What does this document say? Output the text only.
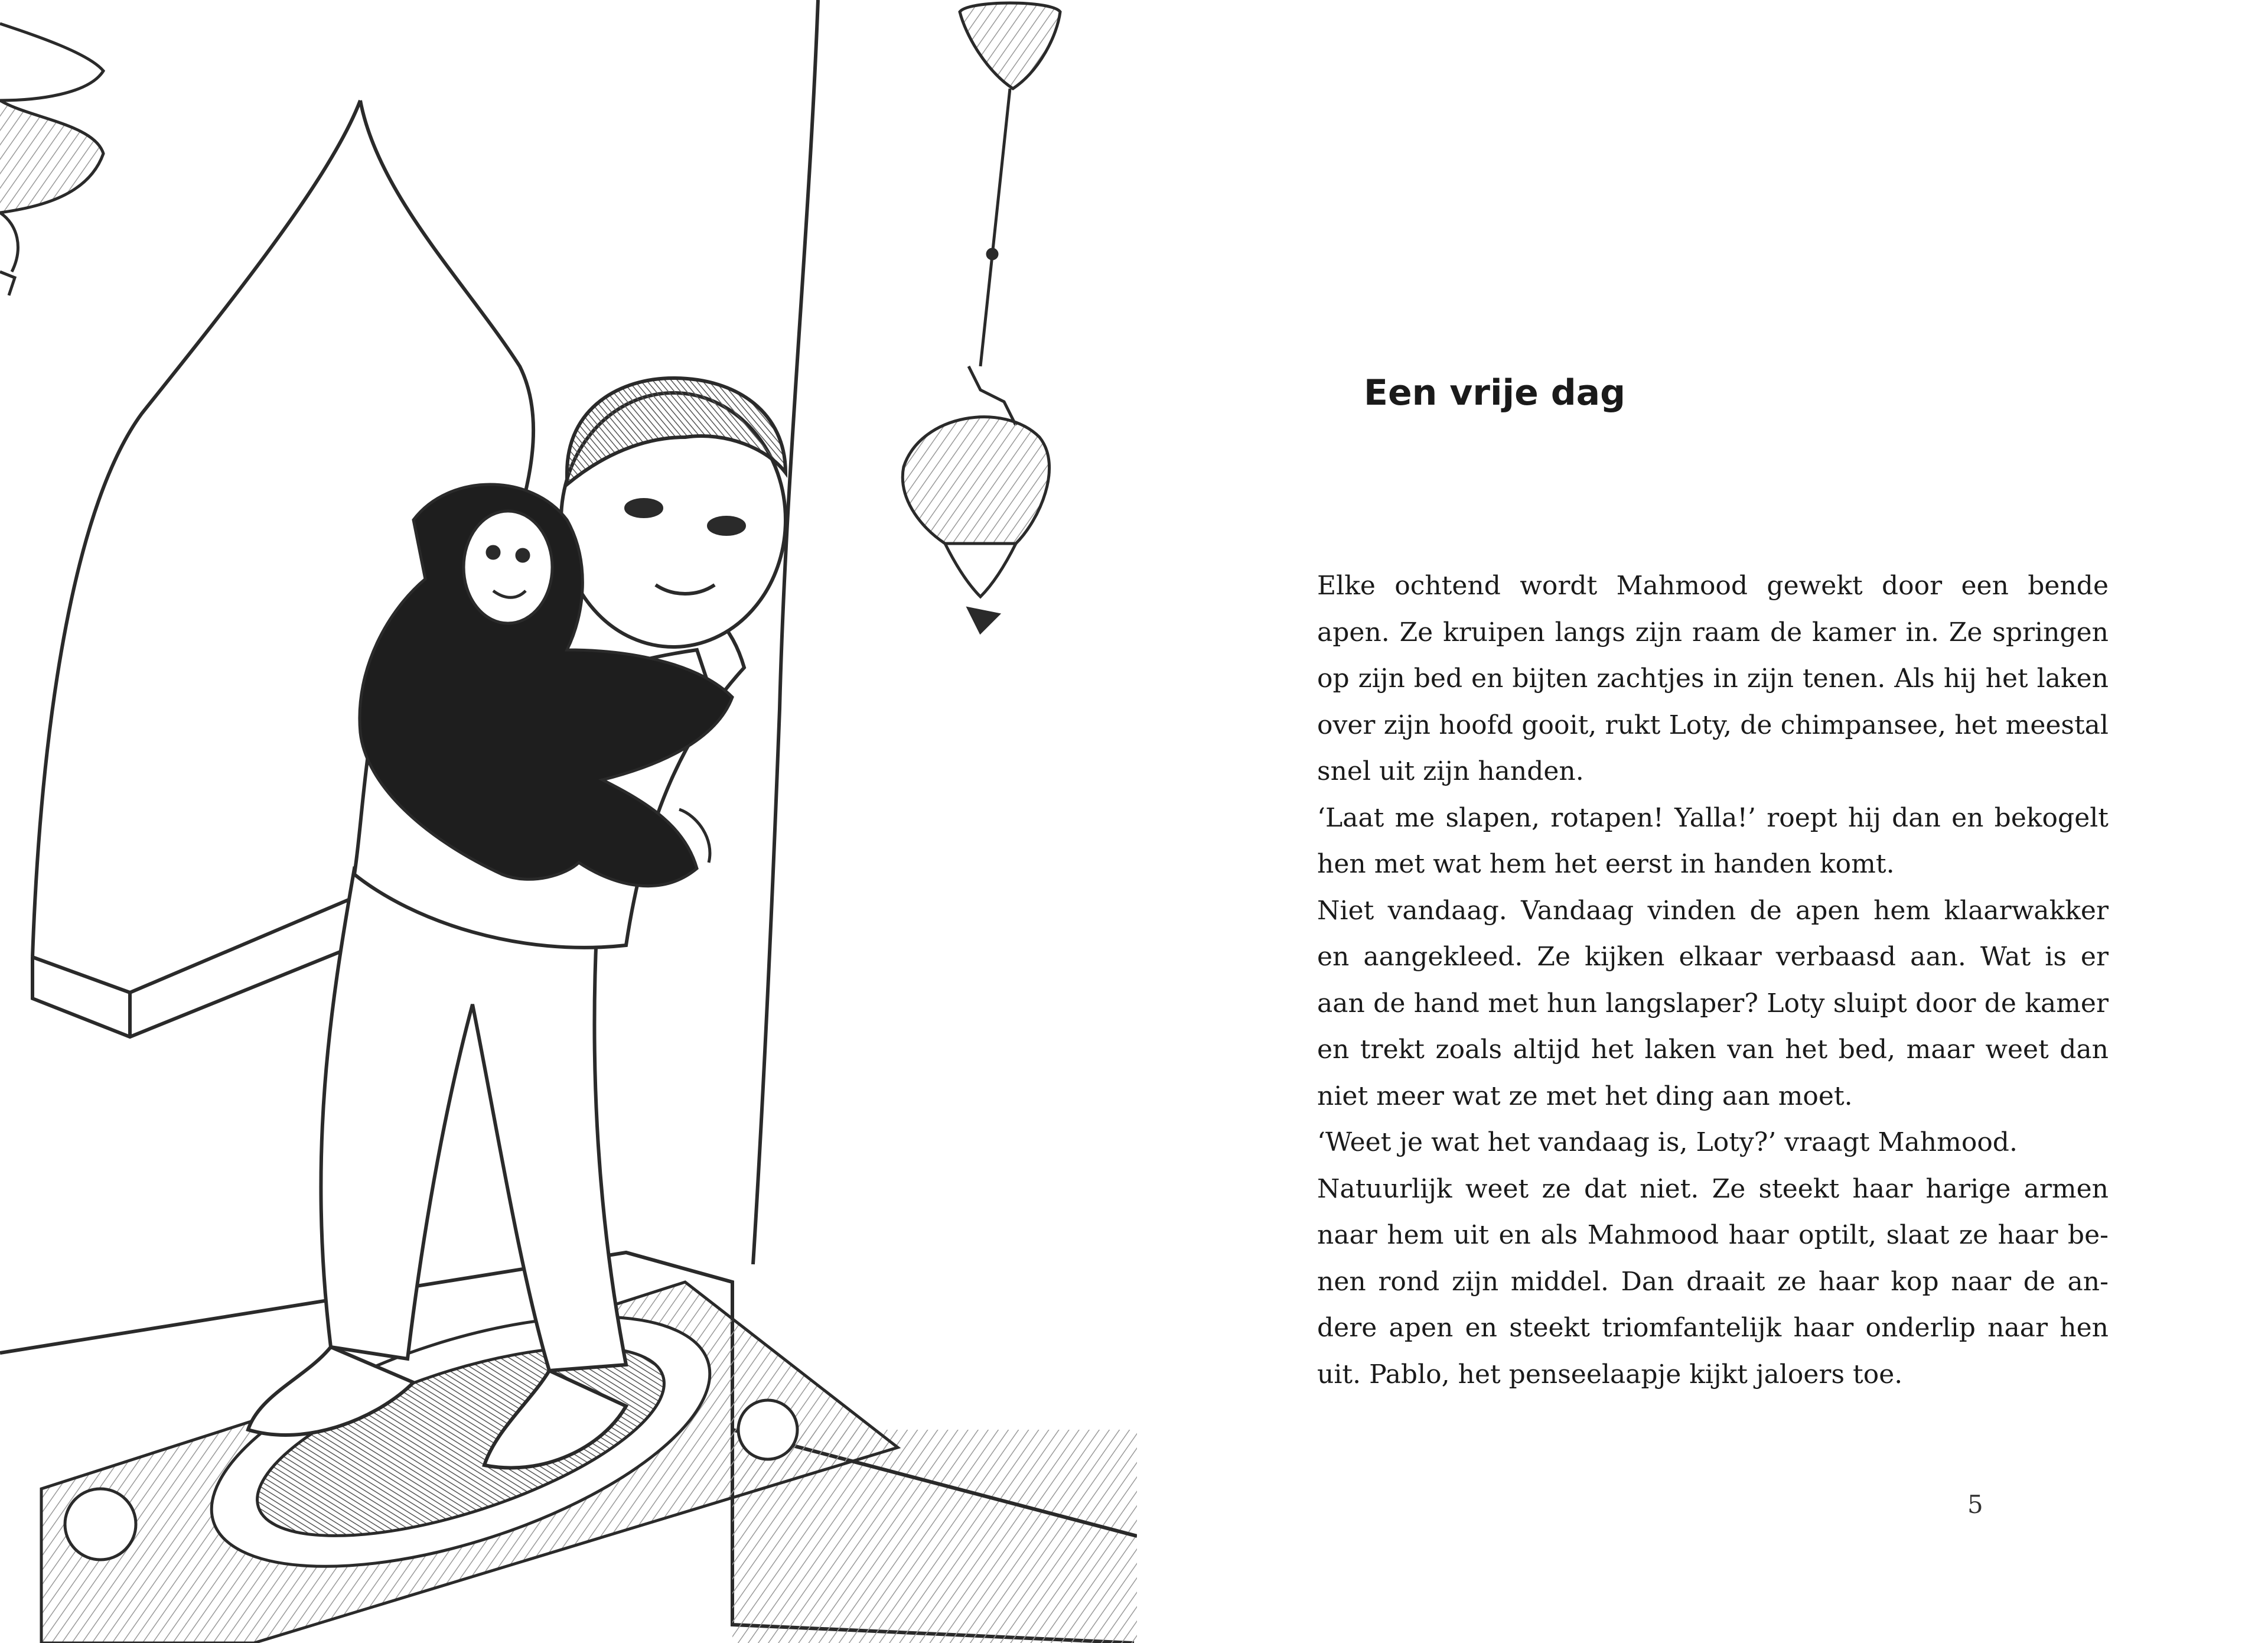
Een vrije dag

Elke ochtend wordt Mahmood gewekt door een bende apen. Ze kruipen langs zijn raam de kamer in. Ze springen op zijn bed en bijten zachtjes in zijn tenen. Als hij het laken over zijn hoofd gooit, rukt Loty, de chimpansee, het meestal snel uit zijn handen.

‘Laat me slapen, rotapen! Yalla!’ roept hij dan en bekogelt hen met wat hem het eerst in handen komt.

Niet vandaag. Vandaag vinden de apen hem klaarwakker en aangekleed. Ze kijken elkaar verbaasd aan. Wat is er aan de hand met hun langslaper? Loty sluipt door de kamer en trekt zoals altijd het laken van het bed, maar weet dan niet meer wat ze met het ding aan moet.

‘Weet je wat het vandaag is, Loty?’ vraagt Mahmood.

Natuurlijk weet ze dat niet. Ze steekt haar harige armen naar hem uit en als Mahmood haar optilt, slaat ze haar benen rond zijn middel. Dan draait ze haar kop naar de andere apen en steekt triomfantelijk haar onderlip naar hen uit. Pablo, het penseelaapje kijkt jaloers toe.

5
